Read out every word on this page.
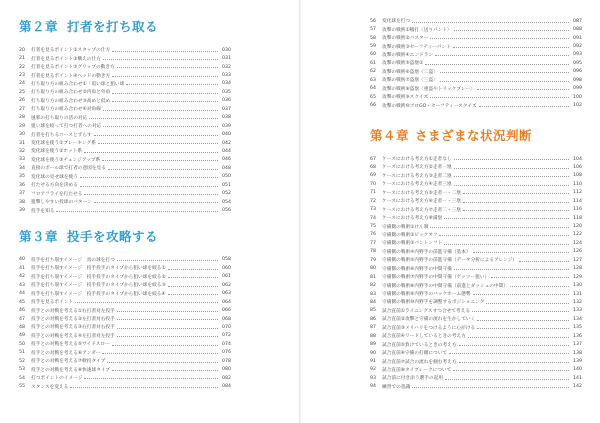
第２章 打者を打ち取る
20	打者を見るポイント①スタップの仕方	030
21	打者を見るポイント②構えの仕方	031
22	打者を見るポイント③グリップの動き方	032
23	打者を見るポイント④ヘッドの動き方	033
24	打ち取り方の組み合わせ①「追い球と狙い球	034
25	打ち取り方の組み合わせ②内角と外角	035
26	打ち取り方の組み合わせ③高めと低め	036
27	打ち取り方の組み合わせ④対角線	037
28	風邪の打ち取りの活の対応	038
29	狙い球を絞って打つ打者への対応	039
30	打者を打ちるコースとずらす	040
31	変化球を使う①ブレーキング系	042
32	変化球を使う②ホット系	044
33	変化球を使う③チェンジアップ系	046
34	直接のボール球で打者の意図を見る	048
35	変化球の見せ球を使う	050
36	打たせる方向を決める	051
37	フロアフライを打たせる	052
38	狙撃しやすい投球のパターン	054
39	投手を知る	056
第３章 投手を攻略する
40	投手を打ち崩すイメージ　真の球を打つ	058
41	投手を打ち崩すイメージ　投手投手のタイプから狙い球を絞る①	060
42	投手を打ち崩すイメージ　投手投手のタイプから狙い球を絞る②	061
43	投手を打ち崩すイメージ　投手投手のタイプから狙い球を絞る③	062
44	投手を打ち崩すイメージ　投手投手のタイプから狙い球を絞る④	063
45	投手を見るポイント	064
46	投手との対戦を考える①右打者対左投手	066
47	投手との対戦を考える②左打者対右投手	068
48	投手との対戦を考える③右打者対右投手	070
49	投手との対戦を考える④左打者対左投手	072
50	投手との対戦を考える⑤サイドスロー	074
51	投手との対戦を考える⑥アンダー	076
52	投手との対戦を考える⑦軟投タイプ	078
53	投手との対戦を考える⑧快速球タイプ	080
54	打つポイントのイメージ	082
55	スタンスを変える	084
56	変化球を打つ	087
57	攻撃の戦術①犠打〈送りバント〉	088
58	攻撃の戦術②バスター	091
59	攻撃の戦術③セーフティーバント	092
60	攻撃の戦術④エンドラン	093
61	攻撃の戦術⑤盗塁①	095
62	攻撃の戦術⑥盗塁〈二盗〉	096
63	攻撃の戦術⑦盗塁〈三盗〉	098
64	攻撃の戦術⑧盗塁〈重盗やトリックプレー〉	099
65	攻撃の戦術⑨スクイズ	100
66	攻撃の戦術⑩ゴロGO・セーフティースクイズ	102
第４章 さまざまな状況判断
67	ケースにおける考え方①走者なし	104
68	ケースにおける考え方②走者一塁	106
69	ケースにおける考え方③走者二塁	108
70	ケースにおける考え方④走者三塁	110
71	ケースにおける考え方⑤走者一・二塁	112
72	ケースにおける考え方⑥走者一・三塁	114
73	ケースにおける考え方⑦走者二・三塁	116
74	ケースにおける考え方⑧満塁	118
75	守備側の戦術①けん制	120
76	守備側の戦術②ピックオフ	122
77	守備側の戦術③バントシフト	124
78	守備側の戦術④内野手の前進守備（基本）	126
79	守備側の戦術⑤内野手の前進守備（データ分析によるアレンジ）	127
80	守備側の戦術⑥内野手の中間守備	128
81	守備側の戦術⑦内野手の中間守備（ゲッツー狙い）	129
82	守備側の戦術⑧内野手の中間守備（前進とダッシュの中間）	130
83	守備側の戦術⑨内野手のバックホーム態勢	131
84	守備側の戦術⑩内野手を調整するポジショニング	132
85	試合直前①ライニングスすつ合せて考える	133
86	試合直前②攻撃と守備の流れを生かしていく	134
87	試合直前③メリハリをつけるように心がける	135
88	試合直前④リードしているときの考え方	136
89	試合直前⑤負けているときの考え方	137
90	試合直前⑥守備の打順について	138
91	試合直前⑦試合の流れを掴む考え方	139
92	試合直前⑧タイブレークについて	140
93	試合前に付き添う選手の起用	141
94	練習での意識	142
